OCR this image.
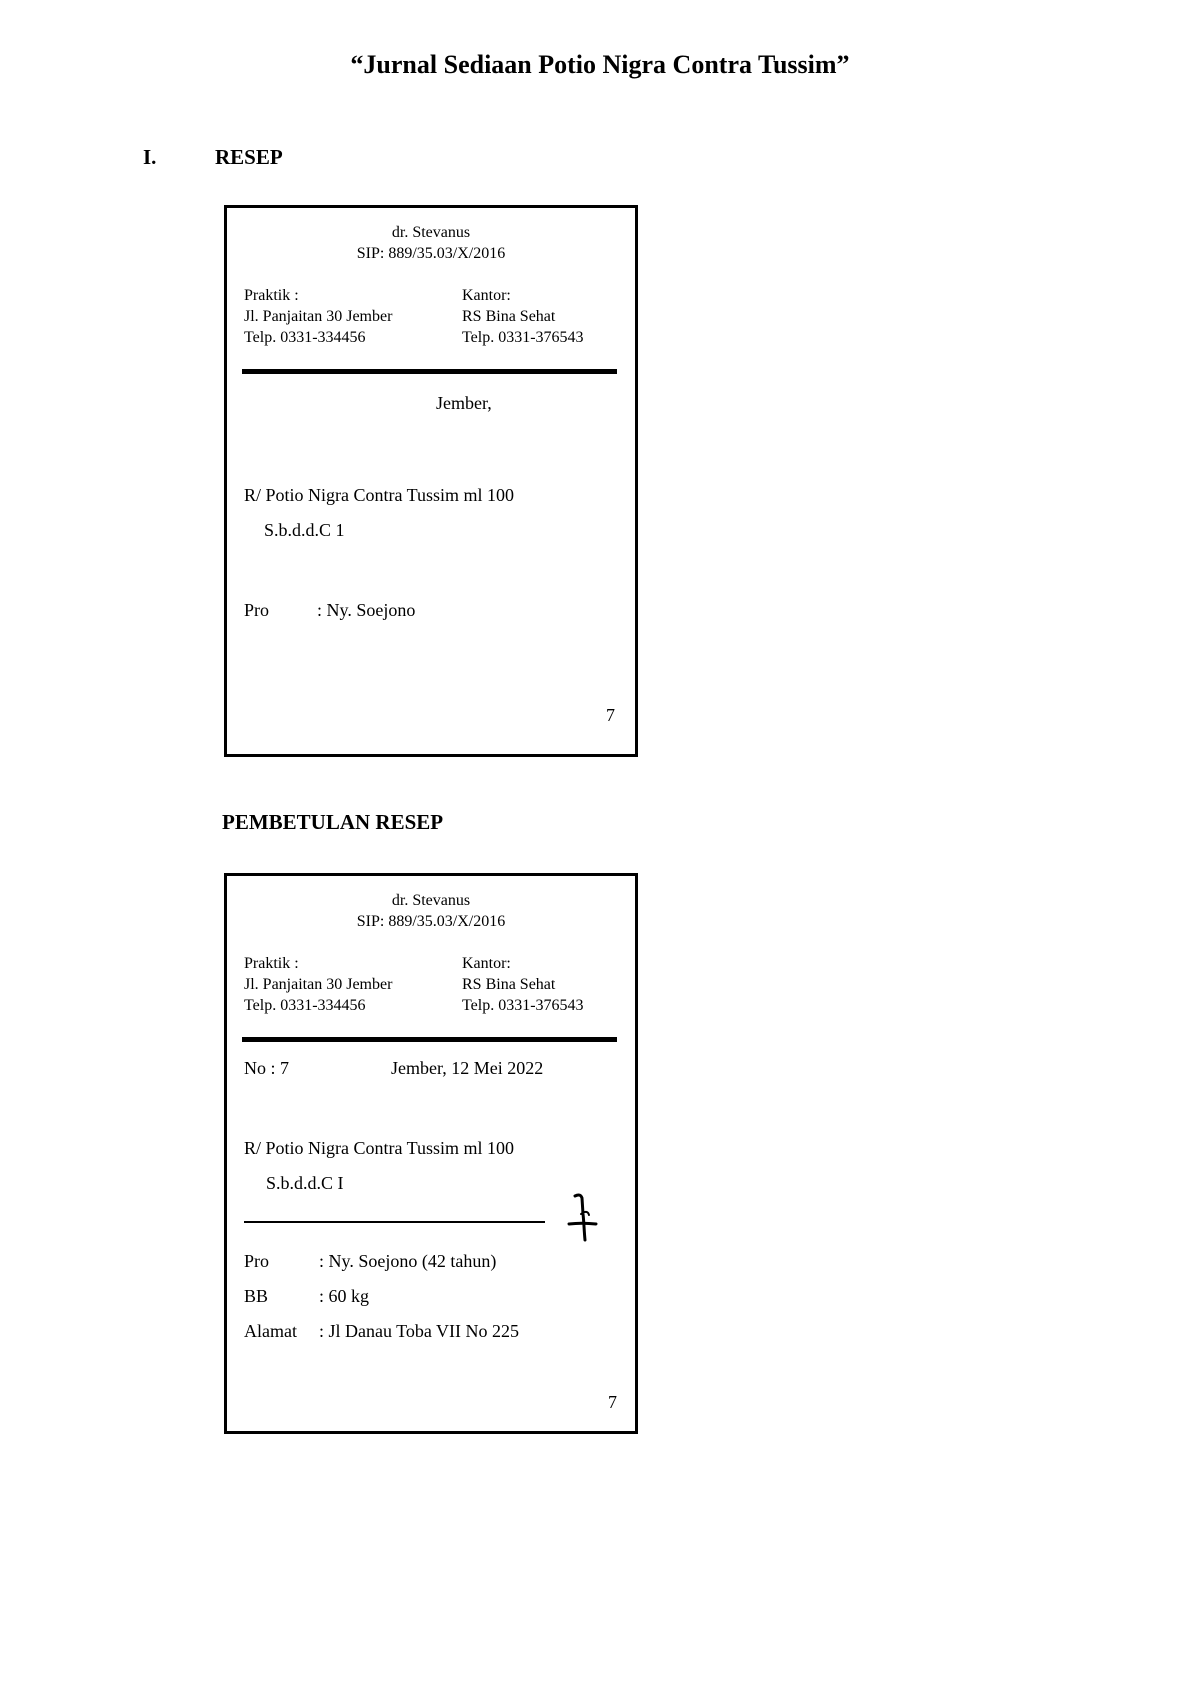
“Jurnal Sediaan Potio Nigra Contra Tussim”
I.	RESEP
dr. Stevanus
SIP: 889/35.03/X/2016
Praktik :
Jl. Panjaitan 30 Jember
Telp. 0331-334456
Kantor:
RS Bina Sehat
Telp. 0331-376543
Jember,
R/ Potio Nigra Contra Tussim ml 100
S.b.d.d.C 1
Pro	: Ny. Soejono
7
PEMBETULAN RESEP
dr. Stevanus
SIP: 889/35.03/X/2016
Praktik :
Jl. Panjaitan 30 Jember
Telp. 0331-334456
Kantor:
RS Bina Sehat
Telp. 0331-376543
No : 7	Jember, 12 Mei 2022
R/ Potio Nigra Contra Tussim ml 100
S.b.d.d.C I
Pro	: Ny. Soejono (42 tahun)
BB	: 60 kg
Alamat : Jl Danau Toba VII No 225
7
